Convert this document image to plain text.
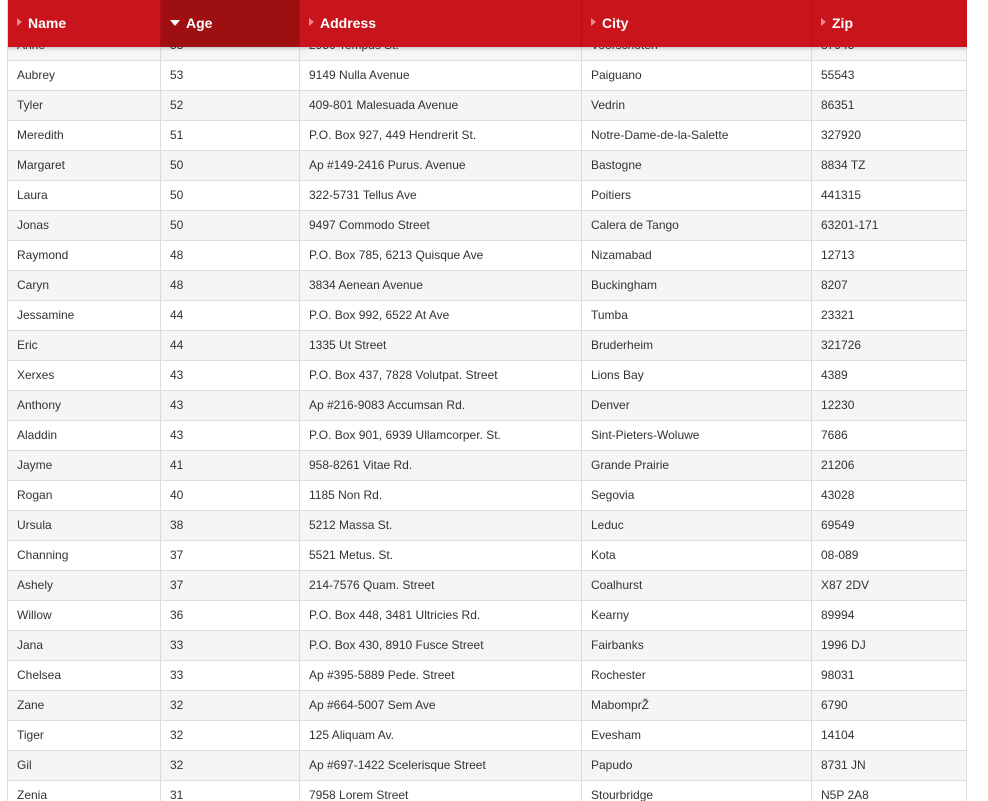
Name	Age	Address	City	Zip
Aubrey	53	9149 Nulla Avenue	Paiguano	55543
Tyler	52	409-801 Malesuada Avenue	Vedrin	86351
Meredith	51	P.O. Box 927, 449 Hendrerit St.	Notre-Dame-de-la-Salette	327920
Margaret	50	Ap #149-2416 Purus. Avenue	Bastogne	8834 TZ
Laura	50	322-5731 Tellus Ave	Poitiers	441315
Jonas	50	9497 Commodo Street	Calera de Tango	63201-171
Raymond	48	P.O. Box 785, 6213 Quisque Ave	Nizamabad	12713
Caryn	48	3834 Aenean Avenue	Buckingham	8207
Jessamine	44	P.O. Box 992, 6522 At Ave	Tumba	23321
Eric	44	1335 Ut Street	Bruderheim	321726
Xerxes	43	P.O. Box 437, 7828 Volutpat. Street	Lions Bay	4389
Anthony	43	Ap #216-9083 Accumsan Rd.	Denver	12230
Aladdin	43	P.O. Box 901, 6939 Ullamcorper. St.	Sint-Pieters-Woluwe	7686
Jayme	41	958-8261 Vitae Rd.	Grande Prairie	21206
Rogan	40	1185 Non Rd.	Segovia	43028
Ursula	38	5212 Massa St.	Leduc	69549
Channing	37	5521 Metus. St.	Kota	08-089
Ashely	37	214-7576 Quam. Street	Coalhurst	X87 2DV
Willow	36	P.O. Box 448, 3481 Ultricies Rd.	Kearny	89994
Jana	33	P.O. Box 430, 8910 Fusce Street	Fairbanks	1996 DJ
Chelsea	33	Ap #395-5889 Pede. Street	Rochester	98031
Zane	32	Ap #664-5007 Sem Ave	MabomprŽ	6790
Tiger	32	125 Aliquam Av.	Evesham	14104
Gil	32	Ap #697-1422 Scelerisque Street	Papudo	8731 JN
Zenia	31	7958 Lorem Street	Stourbridge	N5P 2A8
